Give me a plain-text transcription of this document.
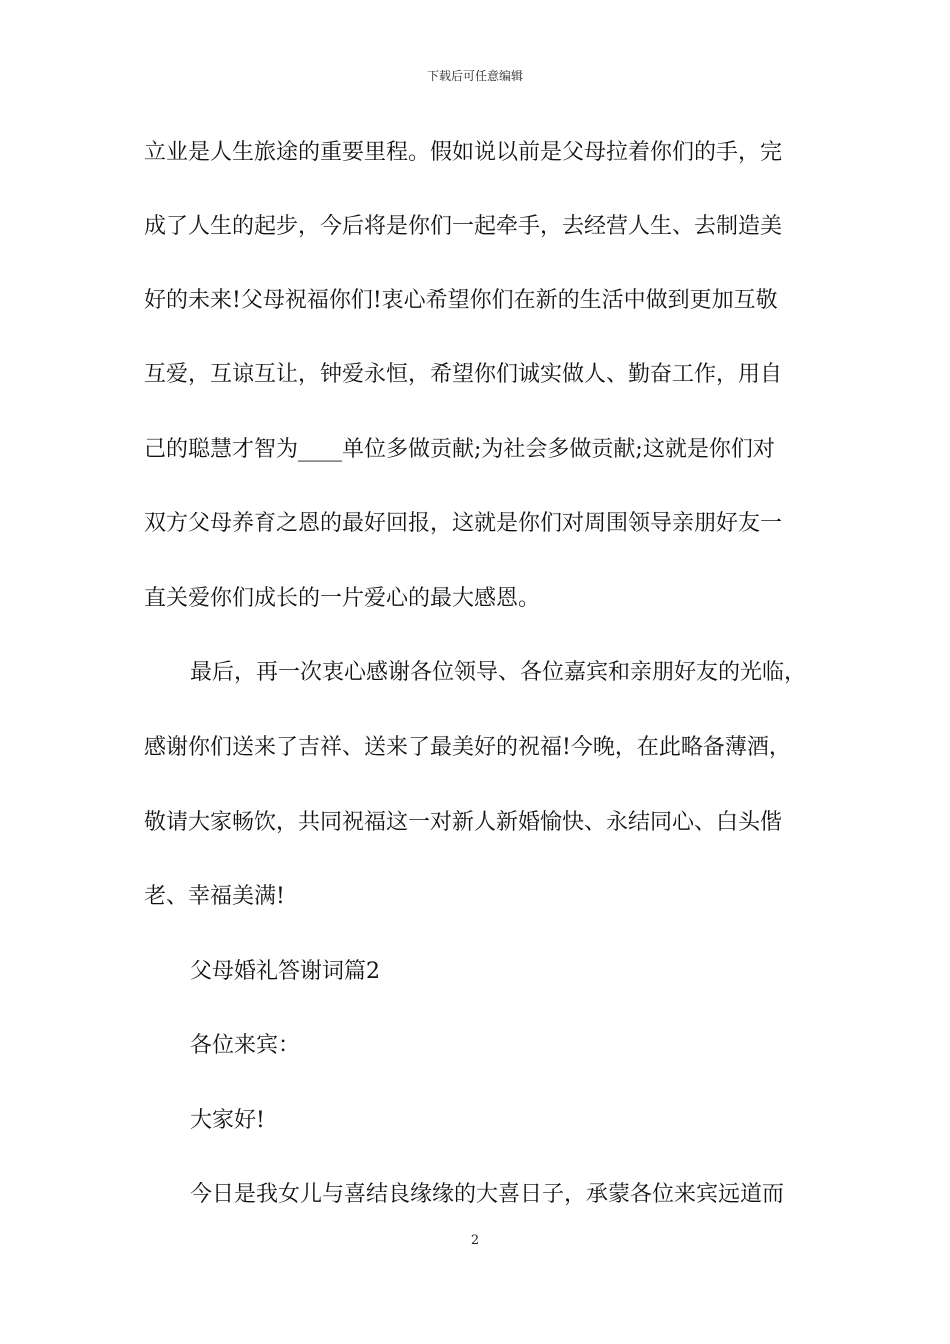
下载后可任意编辑
立业是人生旅途的重要里程。假如说以前是父母拉着你们的手，完
成了人生的起步，今后将是你们一起牵手，去经营人生、去制造美
好的未来!父母祝福你们!衷心希望你们在新的生活中做到更加互敬
互爱，互谅互让，钟爱永恒，希望你们诚实做人、勤奋工作，用自
己的聪慧才智为____单位多做贡献;为社会多做贡献;这就是你们对
双方父母养育之恩的最好回报，这就是你们对周围领导亲朋好友一
直关爱你们成长的一片爱心的最大感恩。
最后，再一次衷心感谢各位领导、各位嘉宾和亲朋好友的光临，
感谢你们送来了吉祥、送来了最美好的祝福!今晚，在此略备薄酒，
敬请大家畅饮，共同祝福这一对新人新婚愉快、永结同心、白头偕
老、幸福美满!
父母婚礼答谢词篇2
各位来宾：
大家好!
今日是我女儿与喜结良缘缘的大喜日子，承蒙各位来宾远道而
2
